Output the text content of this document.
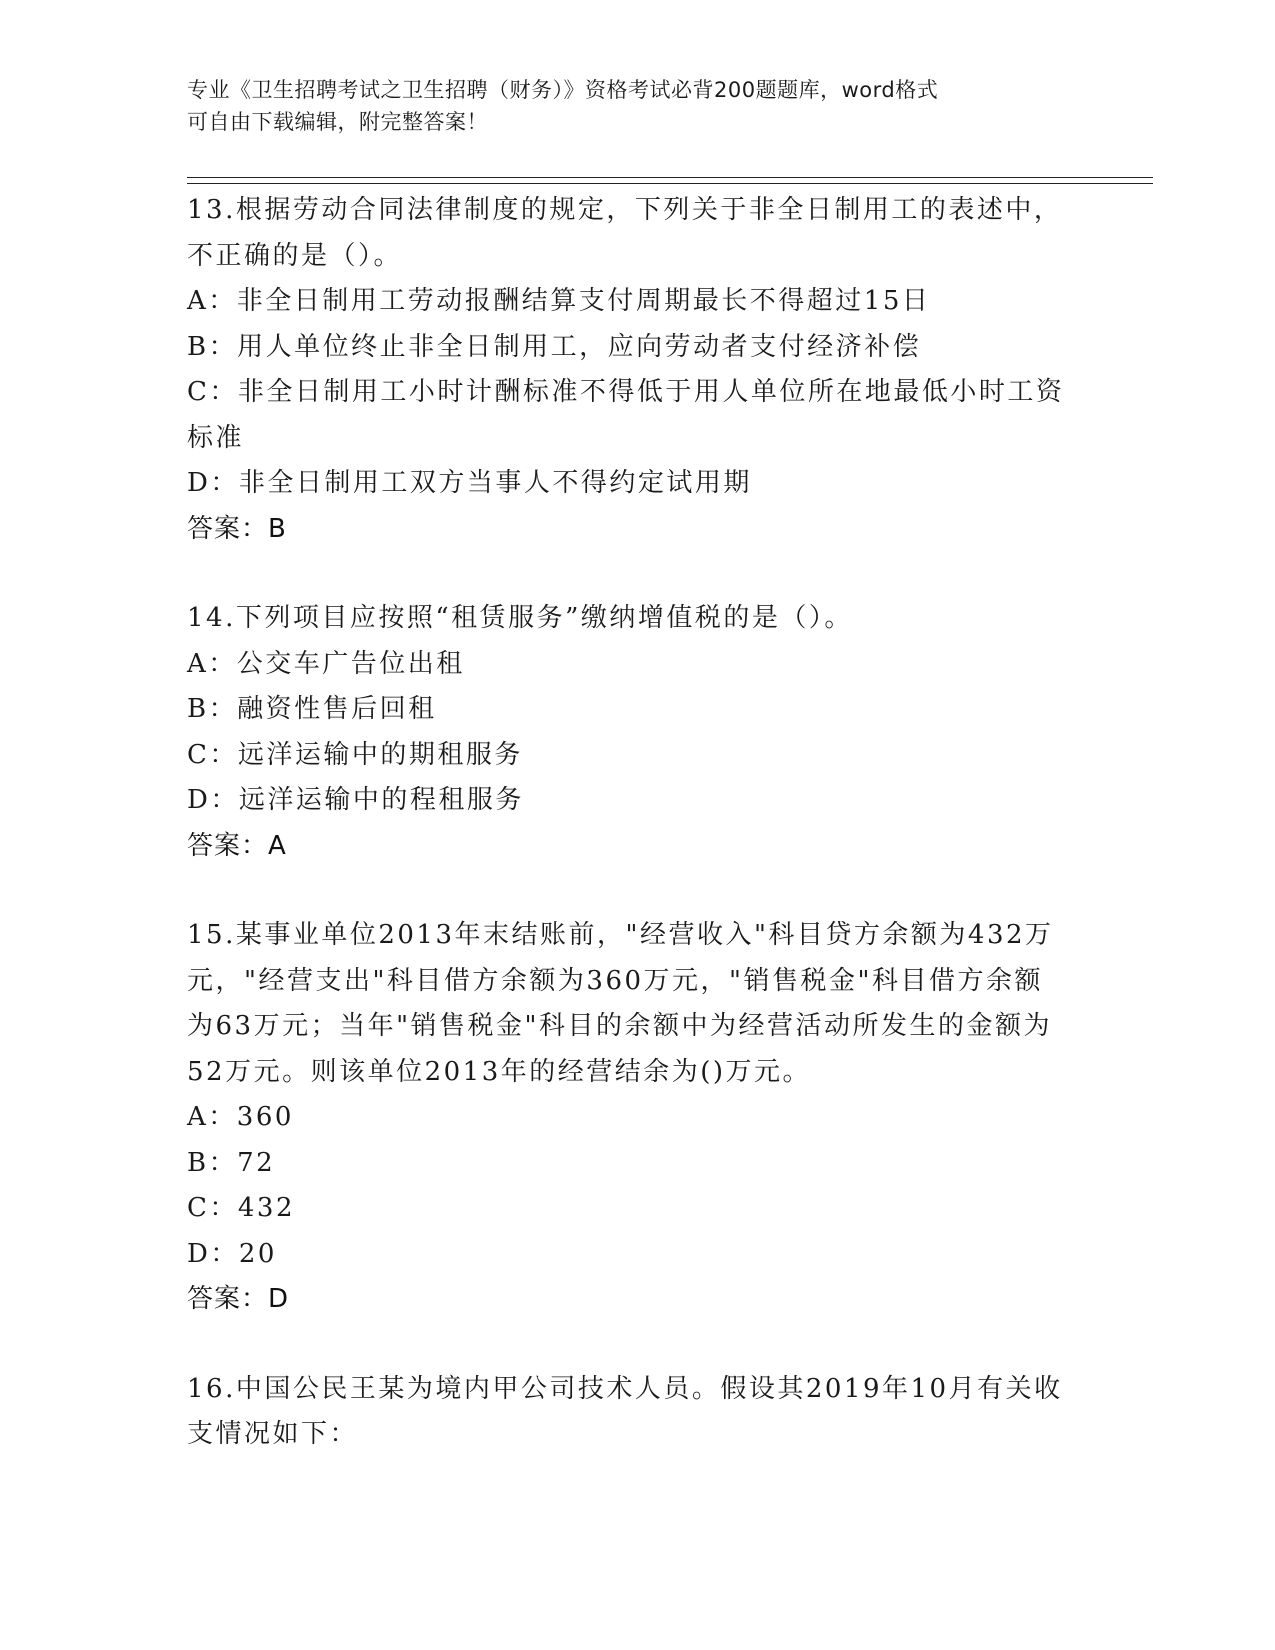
专业《卫生招聘考试之卫生招聘（财务）》资格考试必背200题题库，word格式
可自由下载编辑，附完整答案！
13.根据劳动合同法律制度的规定，下列关于非全日制用工的表述中，
不正确的是（）。
A：非全日制用工劳动报酬结算支付周期最长不得超过15日
B：用人单位终止非全日制用工，应向劳动者支付经济补偿
C：非全日制用工小时计酬标准不得低于用人单位所在地最低小时工资
标准
D：非全日制用工双方当事人不得约定试用期
答案：B
14.下列项目应按照“租赁服务”缴纳增值税的是（）。
A：公交车广告位出租
B：融资性售后回租
C：远洋运输中的期租服务
D：远洋运输中的程租服务
答案：A
15.某事业单位2013年末结账前，"经营收入"科目贷方余额为432万
元，"经营支出"科目借方余额为360万元，"销售税金"科目借方余额
为63万元；当年"销售税金"科目的余额中为经营活动所发生的金额为
52万元。则该单位2013年的经营结余为()万元。
A：360
B：72
C：432
D：20
答案：D
16.中国公民王某为境内甲公司技术人员。假设其2019年10月有关收
支情况如下：
